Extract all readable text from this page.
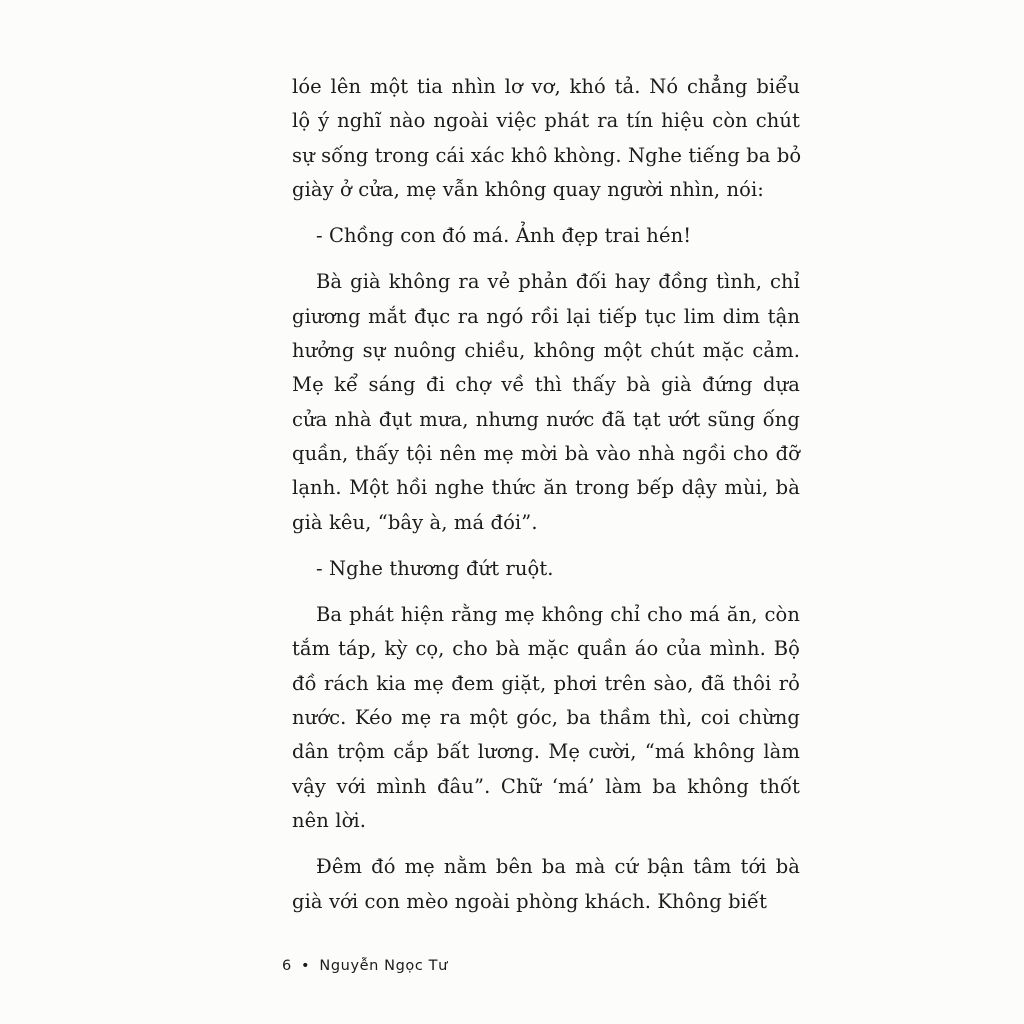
lóe lên một tia nhìn lơ vơ, khó tả. Nó chẳng biểu
lộ ý nghĩ nào ngoài việc phát ra tín hiệu còn chút
sự sống trong cái xác khô khòng. Nghe tiếng ba bỏ
giày ở cửa, mẹ vẫn không quay người nhìn, nói:
- Chồng con đó má. Ảnh đẹp trai hén!
Bà già không ra vẻ phản đối hay đồng tình, chỉ
giương mắt đục ra ngó rồi lại tiếp tục lim dim tận
hưởng sự nuông chiều, không một chút mặc cảm.
Mẹ kể sáng đi chợ về thì thấy bà già đứng dựa
cửa nhà đụt mưa, nhưng nước đã tạt ướt sũng ống
quần, thấy tội nên mẹ mời bà vào nhà ngồi cho đỡ
lạnh. Một hồi nghe thức ăn trong bếp dậy mùi, bà
già kêu, “bây à, má đói”.
- Nghe thương đứt ruột.
Ba phát hiện rằng mẹ không chỉ cho má ăn, còn
tắm táp, kỳ cọ, cho bà mặc quần áo của mình. Bộ
đồ rách kia mẹ đem giặt, phơi trên sào, đã thôi rỏ
nước. Kéo mẹ ra một góc, ba thầm thì, coi chừng
dân trộm cắp bất lương. Mẹ cười, “má không làm
vậy với mình đâu”. Chữ ‘má’ làm ba không thốt
nên lời.
Đêm đó mẹ nằm bên ba mà cứ bận tâm tới bà
già với con mèo ngoài phòng khách. Không biết
6 • Nguyễn Ngọc Tư
